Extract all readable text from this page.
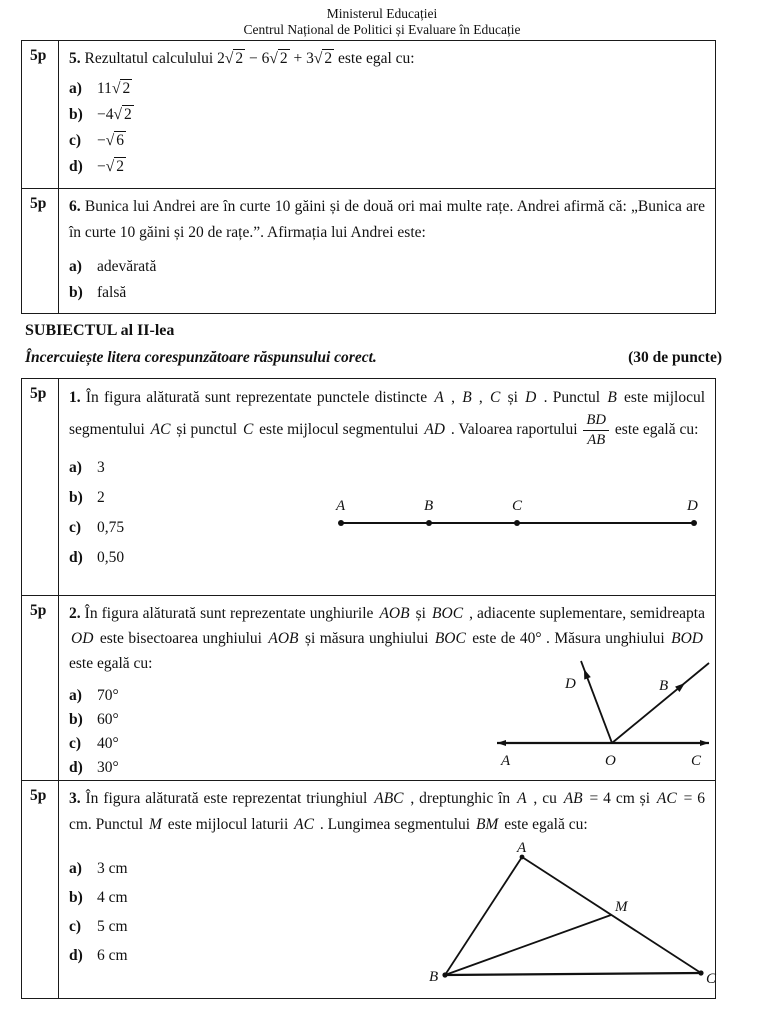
Ministerul Educației
Centrul Național de Politici și Evaluare în Educație
5p	5. Rezultatul calculului 2 √ 2 − 6 √ 2 + 3 √ 2 este egal cu:
a) 11 √ 2
b) −4 √ 2
c)	− √ 6
d) − √ 2
5p	6. Bunica lui Andrei are în curte 10 găini și de două ori mai multe rațe. Andrei afirmă că: „Bunica are în curte 10 găini și 20 de rațe.”. Afirmația lui Andrei este:
a) adevărată
b) falsă
SUBIECTUL al II-lea
Încercuiește litera corespunzătoare răspunsului corect.	(30 de puncte)
5p	1. În figura alăturată sunt reprezentate punctele distincte A , B , C și D . Punctul B este mijlocul segmentului AC și punctul C este mijlocul segmentului AD . Valoarea raportului $\frac{BD}{AB}$ este egală cu:
a) 3
b) 2
c)	0,75
d) 0,50
A	B	C	D
5p	2. În figura alăturată sunt reprezentate unghiurile AOB și BOC , adiacente suplementare, semidreapta OD este bisectoarea unghiului AOB și măsura unghiului BOC este de 40° . Măsura unghiului BOD este egală cu:
a) 70°
b) 60°
c)	40°
d) 30°
D	B
A	O	C
5p	3. În figura alăturată este reprezentat triunghiul ABC , dreptunghic în A , cu AB = 4 cm și AC = 6 cm. Punctul M este mijlocul laturii AC . Lungimea segmentului BM este egală cu:
a) 3 cm
b) 4 cm
c)	5 cm
d) 6 cm
A
M
B	C
